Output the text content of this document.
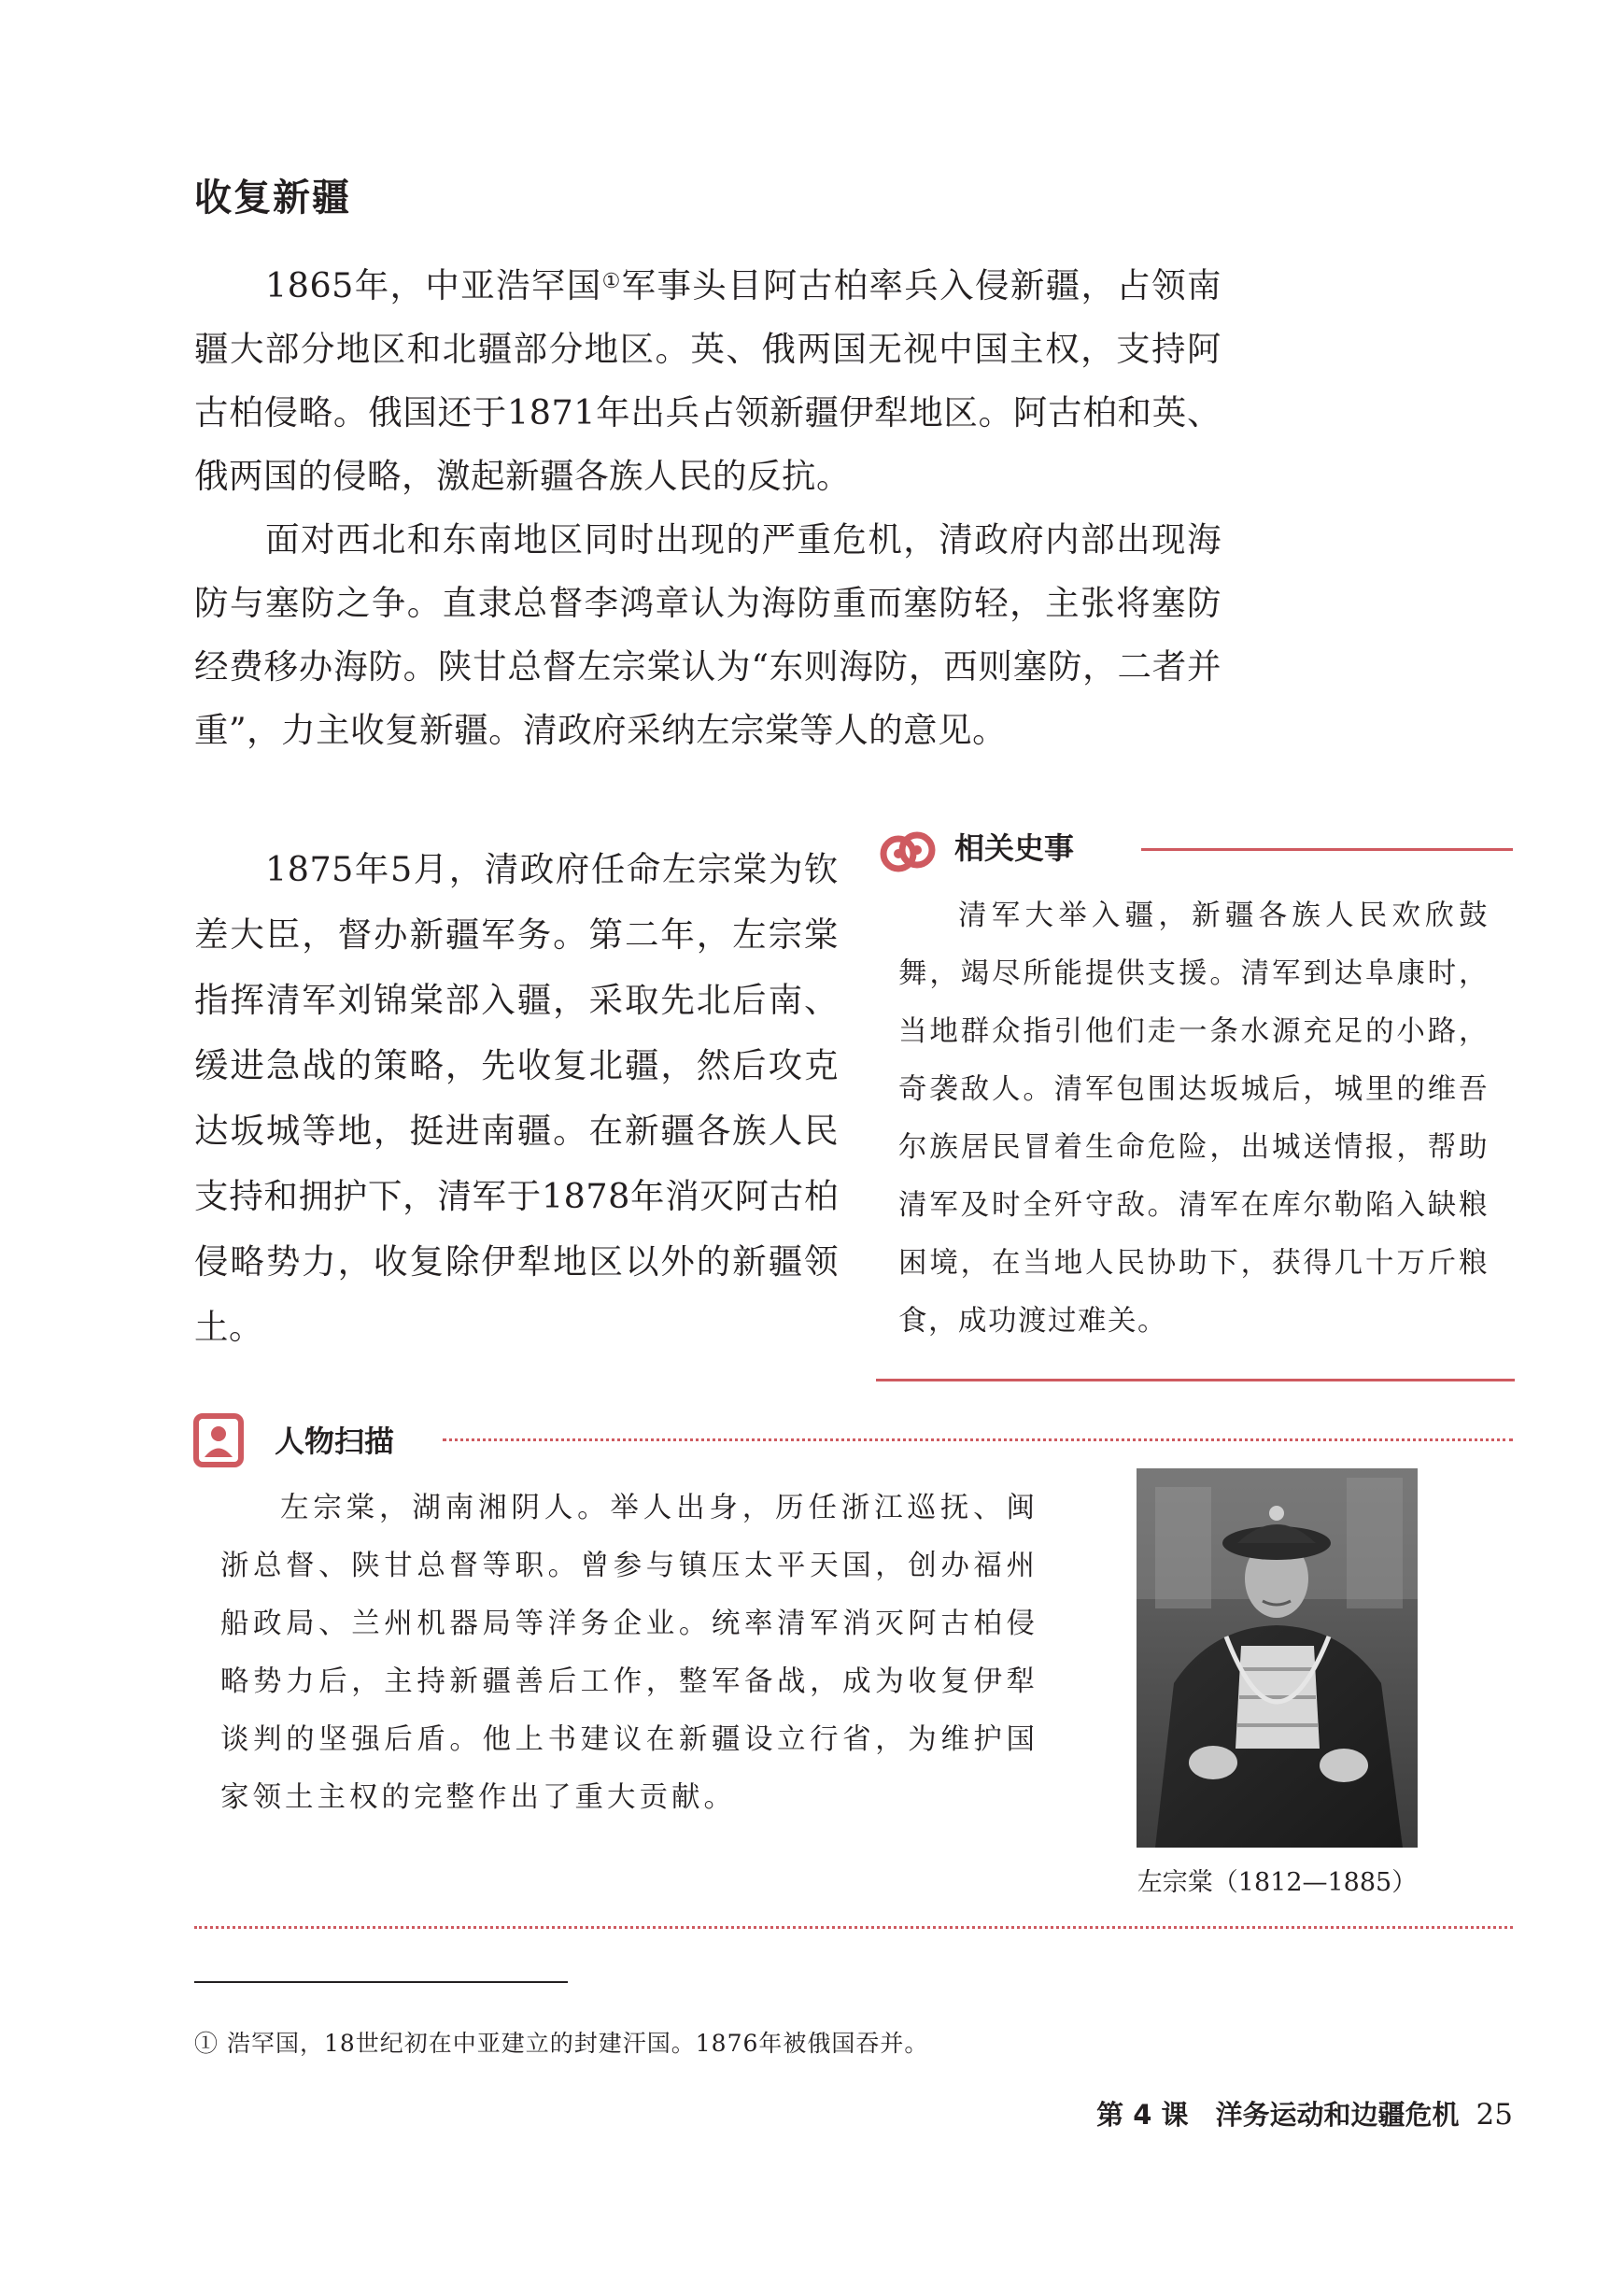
收复新疆

1865年，中亚浩罕国①军事头目阿古柏率兵入侵新疆，占领南疆大部分地区和北疆部分地区。英、俄两国无视中国主权，支持阿古柏侵略。俄国还于1871年出兵占领新疆伊犁地区。阿古柏和英、俄两国的侵略，激起新疆各族人民的反抗。

面对西北和东南地区同时出现的严重危机，清政府内部出现海防与塞防之争。直隶总督李鸿章认为海防重而塞防轻，主张将塞防经费移办海防。陕甘总督左宗棠认为“东则海防，西则塞防，二者并重”，力主收复新疆。清政府采纳左宗棠等人的意见。

1875年5月，清政府任命左宗棠为钦差大臣，督办新疆军务。第二年，左宗棠指挥清军刘锦棠部入疆，采取先北后南、缓进急战的策略，先收复北疆，然后攻克达坂城等地，挺进南疆。在新疆各族人民支持和拥护下，清军于1878年消灭阿古柏侵略势力，收复除伊犁地区以外的新疆领土。

相关史事

清军大举入疆，新疆各族人民欢欣鼓舞，竭尽所能提供支援。清军到达阜康时，当地群众指引他们走一条水源充足的小路，奇袭敌人。清军包围达坂城后，城里的维吾尔族居民冒着生命危险，出城送情报，帮助清军及时全歼守敌。清军在库尔勒陷入缺粮困境，在当地人民协助下，获得几十万斤粮食，成功渡过难关。

人物扫描

左宗棠，湖南湘阴人。举人出身，历任浙江巡抚、闽浙总督、陕甘总督等职。曾参与镇压太平天国，创办福州船政局、兰州机器局等洋务企业。统率清军消灭阿古柏侵略势力后，主持新疆善后工作，整军备战，成为收复伊犁谈判的坚强后盾。他上书建议在新疆设立行省，为维护国家领土主权的完整作出了重大贡献。

左宗棠（1812—1885）
① 浩罕国，18世纪初在中亚建立的封建汗国。1876年被俄国吞并。
第 4 课　洋务运动和边疆危机 25
